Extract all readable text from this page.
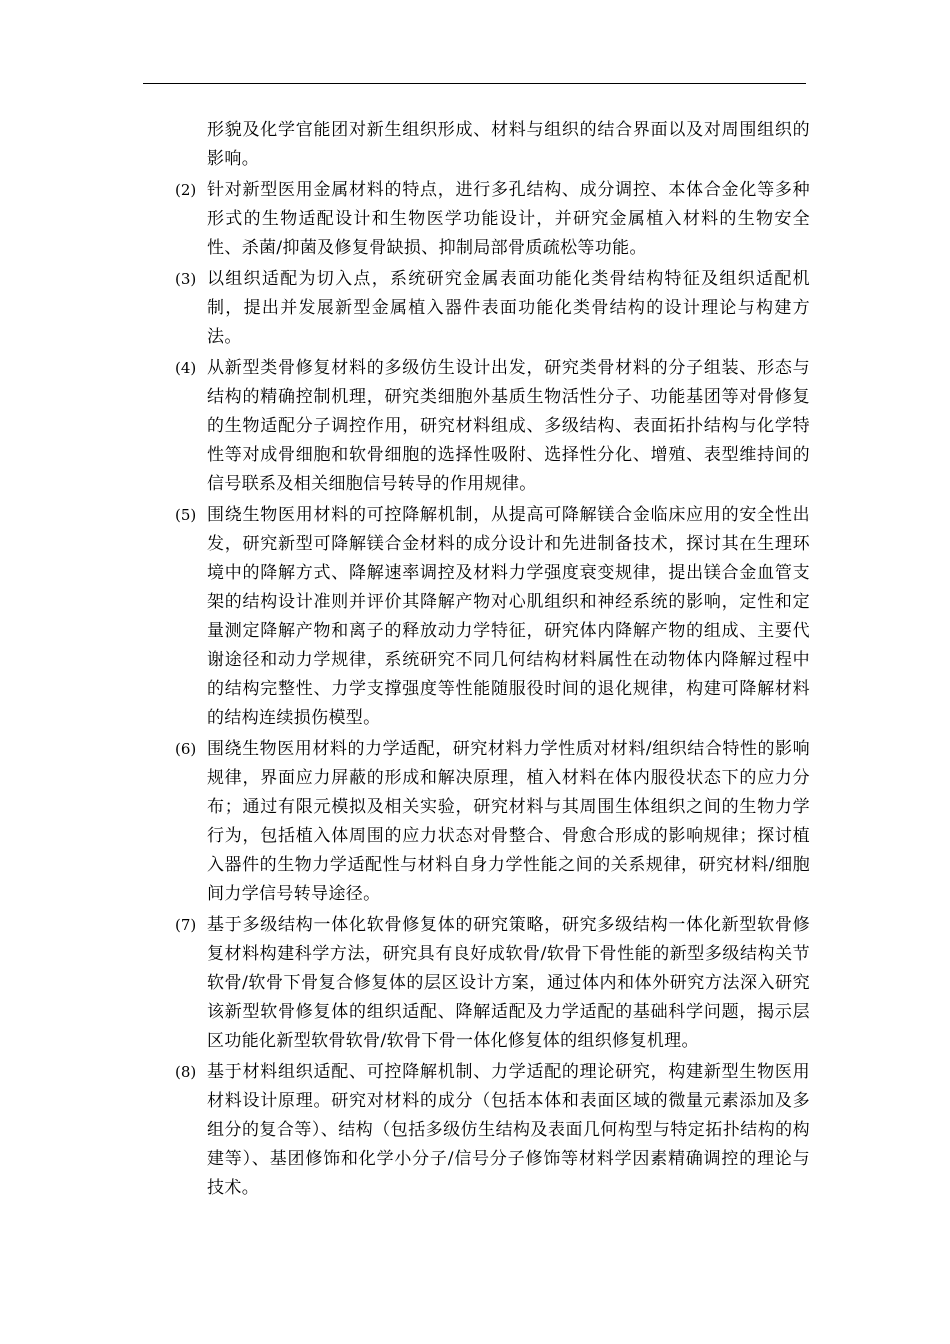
形貌及化学官能团对新生组织形成、材料与组织的结合界面以及对周围组织的影响。
(2) 针对新型医用金属材料的特点，进行多孔结构、成分调控、本体合金化等多种形式的生物适配设计和生物医学功能设计，并研究金属植入材料的生物安全性、杀菌/抑菌及修复骨缺损、抑制局部骨质疏松等功能。
(3) 以组织适配为切入点，系统研究金属表面功能化类骨结构特征及组织适配机制，提出并发展新型金属植入器件表面功能化类骨结构的设计理论与构建方法。
(4) 从新型类骨修复材料的多级仿生设计出发，研究类骨材料的分子组装、形态与结构的精确控制机理，研究类细胞外基质生物活性分子、功能基团等对骨修复的生物适配分子调控作用，研究材料组成、多级结构、表面拓扑结构与化学特性等对成骨细胞和软骨细胞的选择性吸附、选择性分化、增殖、表型维持间的信号联系及相关细胞信号转导的作用规律。
(5) 围绕生物医用材料的可控降解机制，从提高可降解镁合金临床应用的安全性出发，研究新型可降解镁合金材料的成分设计和先进制备技术，探讨其在生理环境中的降解方式、降解速率调控及材料力学强度衰变规律，提出镁合金血管支架的结构设计准则并评价其降解产物对心肌组织和神经系统的影响，定性和定量测定降解产物和离子的释放动力学特征，研究体内降解产物的组成、主要代谢途径和动力学规律，系统研究不同几何结构材料属性在动物体内降解过程中的结构完整性、力学支撑强度等性能随服役时间的退化规律，构建可降解材料的结构连续损伤模型。
(6) 围绕生物医用材料的力学适配，研究材料力学性质对材料/组织结合特性的影响规律，界面应力屏蔽的形成和解决原理，植入材料在体内服役状态下的应力分布；通过有限元模拟及相关实验，研究材料与其周围生体组织之间的生物力学行为，包括植入体周围的应力状态对骨整合、骨愈合形成的影响规律；探讨植入器件的生物力学适配性与材料自身力学性能之间的关系规律，研究材料/细胞间力学信号转导途径。
(7) 基于多级结构一体化软骨修复体的研究策略，研究多级结构一体化新型软骨修复材料构建科学方法，研究具有良好成软骨/软骨下骨性能的新型多级结构关节软骨/软骨下骨复合修复体的层区设计方案，通过体内和体外研究方法深入研究该新型软骨修复体的组织适配、降解适配及力学适配的基础科学问题，揭示层区功能化新型软骨软骨/软骨下骨一体化修复体的组织修复机理。
(8) 基于材料组织适配、可控降解机制、力学适配的理论研究，构建新型生物医用材料设计原理。研究对材料的成分（包括本体和表面区域的微量元素添加及多组分的复合等）、结构（包括多级仿生结构及表面几何构型与特定拓扑结构的构建等）、基团修饰和化学小分子/信号分子修饰等材料学因素精确调控的理论与技术。
